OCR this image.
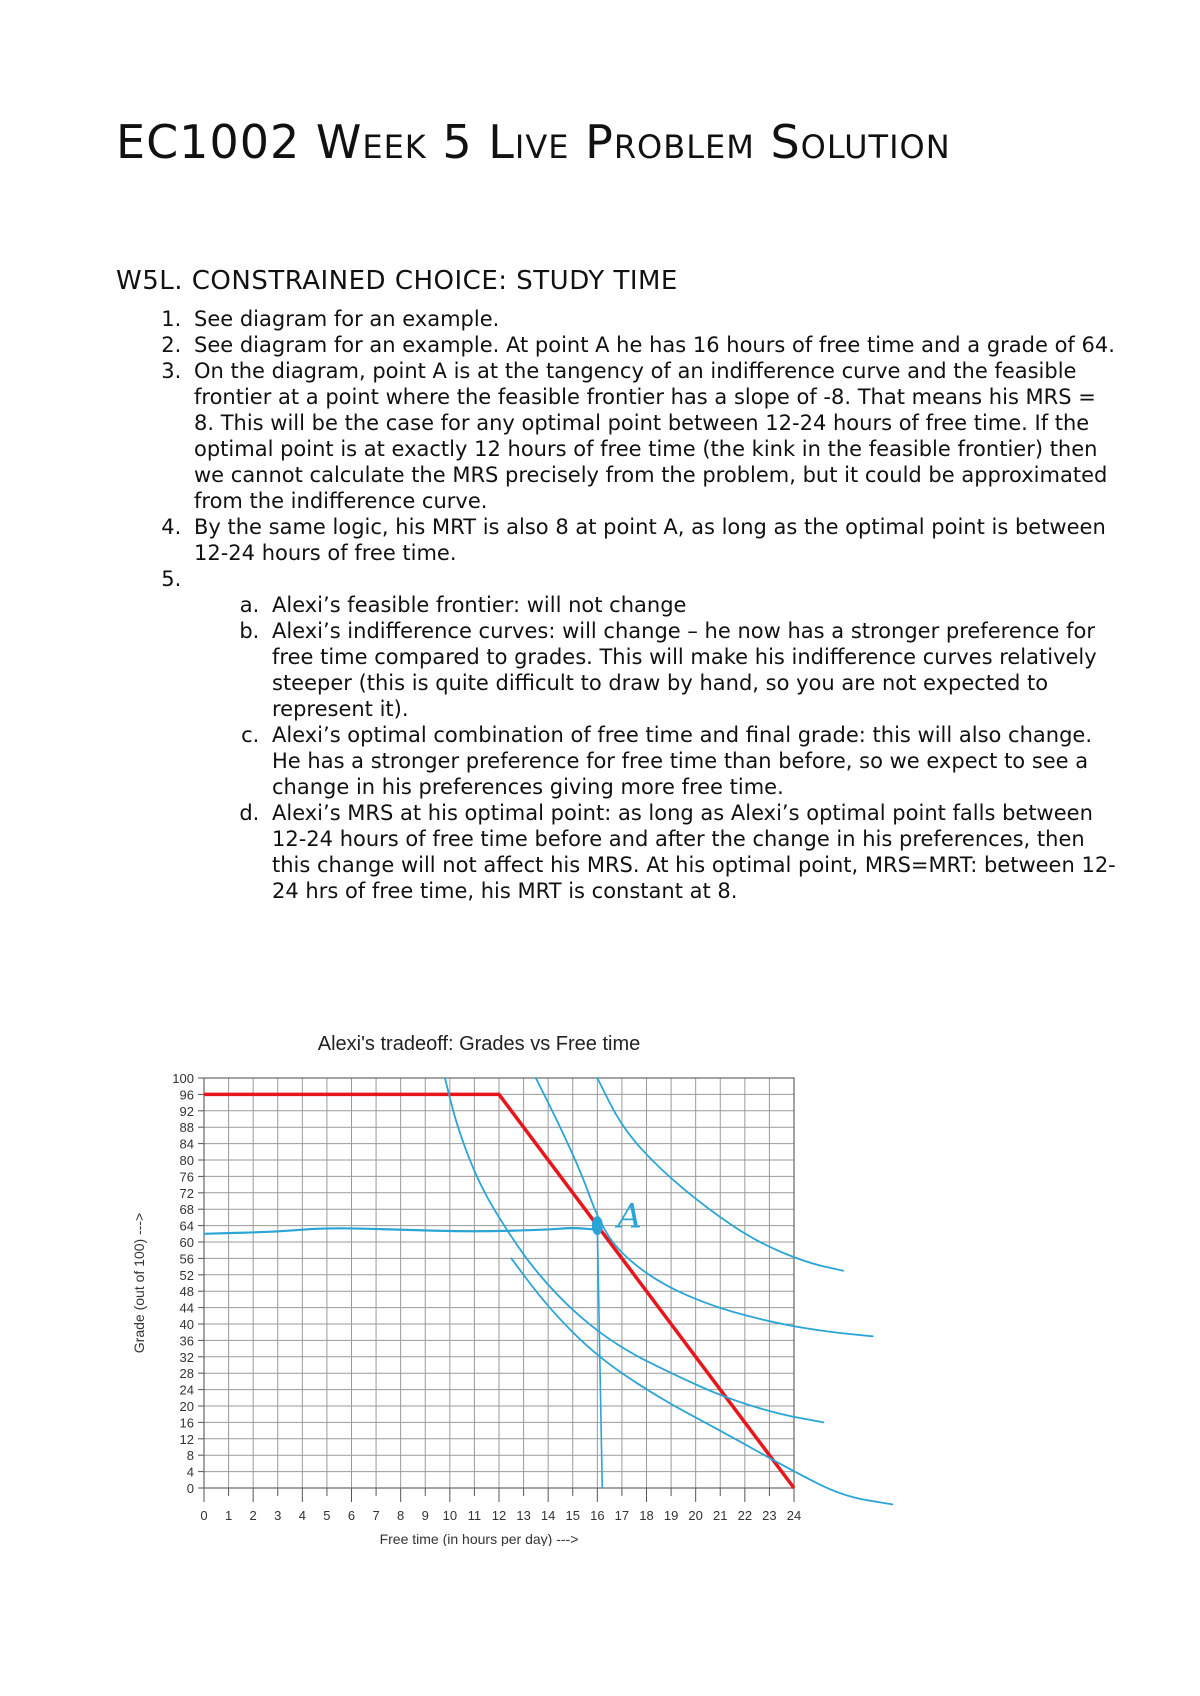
EC1002 Week 5 Live Problem Solution
W5L. CONSTRAINED CHOICE: STUDY TIME
1. See diagram for an example.
2. See diagram for an example. At point A he has 16 hours of free time and a grade of 64.
3. On the diagram, point A is at the tangency of an indifference curve and the feasible frontier at a point where the feasible frontier has a slope of -8. That means his MRS = 8. This will be the case for any optimal point between 12-24 hours of free time. If the optimal point is at exactly 12 hours of free time (the kink in the feasible frontier) then we cannot calculate the MRS precisely from the problem, but it could be approximated from the indifference curve.
4. By the same logic, his MRT is also 8 at point A, as long as the optimal point is between 12-24 hours of free time.

a. 5. Alexi’s feasible frontier: will not change
b. Alexi’s indifference curves: will change – he now has a stronger preference for free time compared to grades. This will make his indifference curves relatively steeper (this is quite difficult to draw by hand, so you are not expected to represent it).
c. Alexi’s optimal combination of free time and final grade: this will also change. He has a stronger preference for free time than before, so we expect to see a change in his preferences giving more free time.
d. Alexi’s MRS at his optimal point: as long as Alexi’s optimal point falls between 12-24 hours of free time before and after the change in his preferences, then this change will not affect his MRS. At his optimal point, MRS=MRT: between 12-24 hrs of free time, his MRT is constant at 8.
Alexi's tradeoff: Grades vs Free time
0
4
8
12
16
20
24
28
32
36
40
44
48
52
56
60
64
68
72
76
80
84
88
92
96
100
0 1 2 3 4 5 6 7 8 9 10 11 12 13 14 15 16 17 18 19 20 21 22 23 24
Free time (in hours per day) --->
Grade (out of 100) --->	A
